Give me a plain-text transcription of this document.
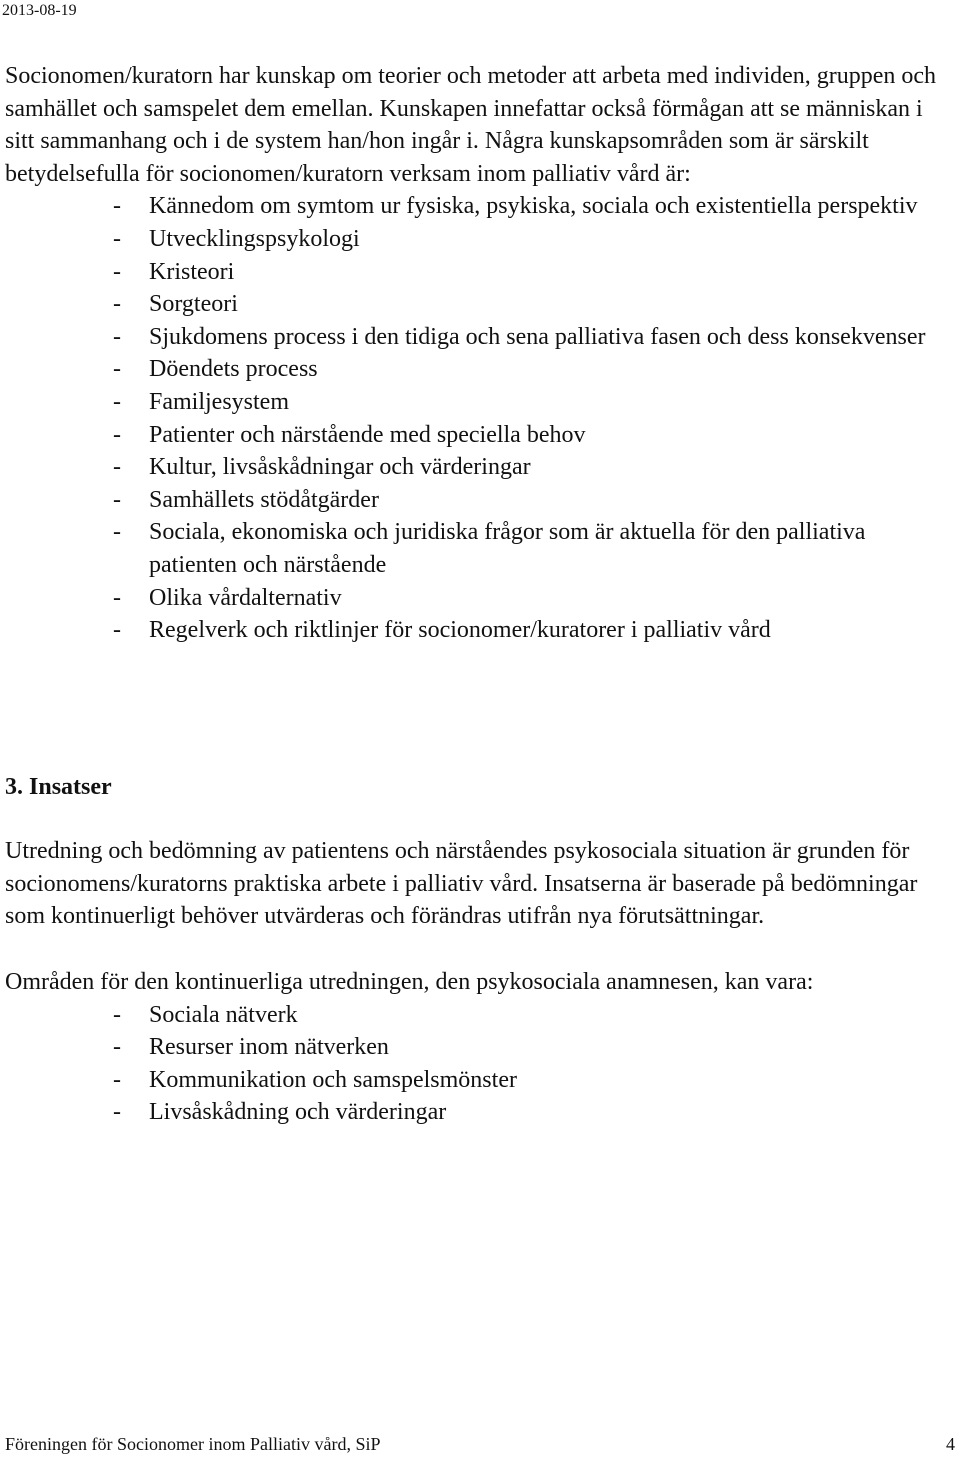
2013-08-19

Socionomen/kuratorn har kunskap om teorier och metoder att arbeta med individen, gruppen och samhället och samspelet dem emellan. Kunskapen innefattar också förmågan att se människan i sitt sammanhang och i de system han/hon ingår i. Några kunskapsområden som är särskilt betydelsefulla för socionomen/kuratorn verksam inom palliativ vård är:

- Kännedom om symtom ur fysiska, psykiska, sociala och existentiella perspektiv
- Utvecklingspsykologi
- Kristeori
- Sorgteori
- Sjukdomens process i den tidiga och sena palliativa fasen och dess konsekvenser
- Döendets process
- Familjesystem
- Patienter och närstående med speciella behov
- Kultur, livsåskådningar och värderingar
- Samhällets stödåtgärder
- Sociala, ekonomiska och juridiska frågor som är aktuella för den palliativa patienten och närstående
- Olika vårdalternativ
- Regelverk och riktlinjer för socionomer/kuratorer i palliativ vård
3. Insatser

Utredning och bedömning av patientens och närståendes psykosociala situation är grunden för socionomens/kuratorns praktiska arbete i palliativ vård. Insatserna är baserade på bedömningar som kontinuerligt behöver utvärderas och förändras utifrån nya förutsättningar.

Områden för den kontinuerliga utredningen, den psykosociala anamnesen, kan vara:

- Sociala nätverk
- Resurser inom nätverken
- Kommunikation och samspelsmönster
- Livsåskådning och värderingar
Föreningen för Socionomer inom Palliativ vård, SiP	4
